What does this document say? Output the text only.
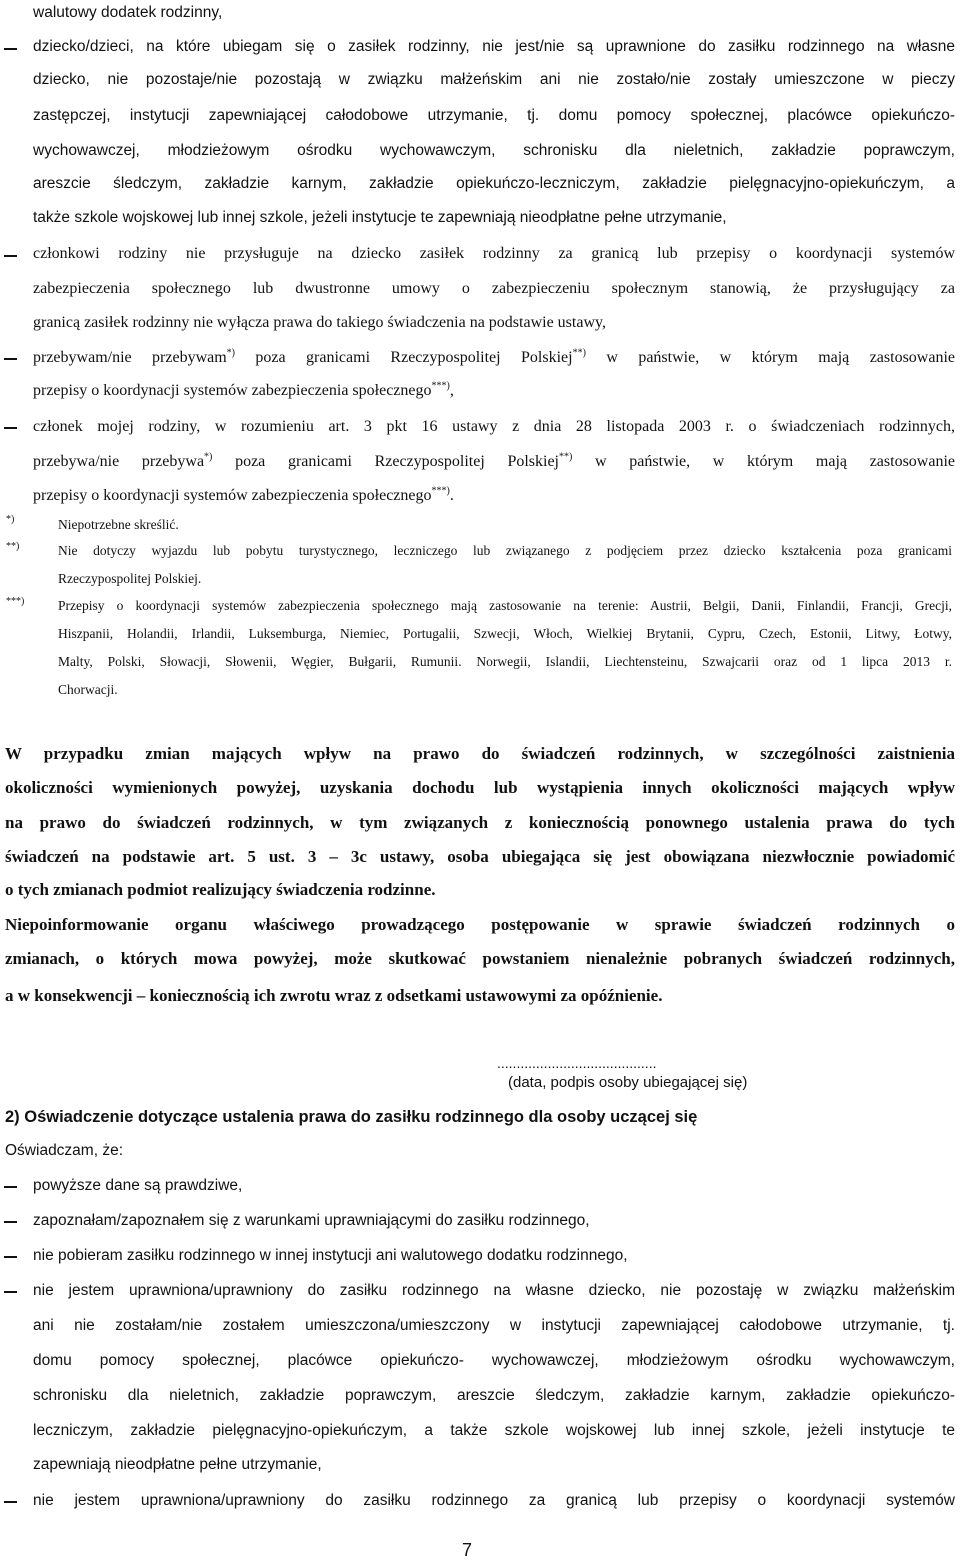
walutowy dodatek rodzinny,
dziecko/dzieci, na które ubiegam się o zasiłek rodzinny, nie jest/nie są uprawnione do zasiłku rodzinnego na własne
dziecko, nie pozostaje/nie pozostają w związku małżeńskim ani nie zostało/nie zostały umieszczone w pieczy
zastępczej, instytucji zapewniającej całodobowe utrzymanie, tj. domu pomocy społecznej, placówce opiekuńczo-
wychowawczej, młodzieżowym ośrodku wychowawczym, schronisku dla nieletnich, zakładzie poprawczym,
areszcie śledczym, zakładzie karnym, zakładzie opiekuńczo-leczniczym, zakładzie pielęgnacyjno-opiekuńczym, a
także szkole wojskowej lub innej szkole, jeżeli instytucje te zapewniają nieodpłatne pełne utrzymanie,
członkowi rodziny nie przysługuje na dziecko zasiłek rodzinny za granicą lub przepisy o koordynacji systemów
zabezpieczenia społecznego lub dwustronne umowy o zabezpieczeniu społecznym stanowią, że przysługujący za
granicą zasiłek rodzinny nie wyłącza prawa do takiego świadczenia na podstawie ustawy,
przebywam/nie przebywam*) poza granicami Rzeczypospolitej Polskiej**) w państwie, w którym mają zastosowanie
przepisy o koordynacji systemów zabezpieczenia społecznego***),
członek mojej rodziny, w rozumieniu art. 3 pkt 16 ustawy z dnia 28 listopada 2003 r. o świadczeniach rodzinnych,
przebywa/nie przebywa*) poza granicami Rzeczypospolitej Polskiej**) w państwie, w którym mają zastosowanie
przepisy o koordynacji systemów zabezpieczenia społecznego***).
*)	Niepotrzebne skreślić.
**)	Nie dotyczy wyjazdu lub pobytu turystycznego, leczniczego lub związanego z podjęciem przez dziecko kształcenia poza granicami
Rzeczypospolitej Polskiej.
***) Przepisy o koordynacji systemów zabezpieczenia społecznego mają zastosowanie na terenie: Austrii, Belgii, Danii, Finlandii, Francji, Grecji,
Hiszpanii, Holandii, Irlandii, Luksemburga, Niemiec, Portugalii, Szwecji, Włoch, Wielkiej Brytanii, Cypru, Czech, Estonii, Litwy, Łotwy,
Malty, Polski, Słowacji, Słowenii, Węgier, Bułgarii, Rumunii. Norwegii, Islandii, Liechtensteinu, Szwajcarii oraz od 1 lipca 2013 r.
Chorwacji.
W przypadku zmian mających wpływ na prawo do świadczeń rodzinnych, w szczególności zaistnienia
okoliczności wymienionych powyżej, uzyskania dochodu lub wystąpienia innych okoliczności mających wpływ
na prawo do świadczeń rodzinnych, w tym związanych z koniecznością ponownego ustalenia prawa do tych
świadczeń na podstawie art. 5 ust. 3 – 3c ustawy, osoba ubiegająca się jest obowiązana niezwłocznie powiadomić
o tych zmianach podmiot realizujący świadczenia rodzinne.
Niepoinformowanie organu właściwego prowadzącego postępowanie w sprawie świadczeń rodzinnych o
zmianach, o których mowa powyżej, może skutkować powstaniem nienależnie pobranych świadczeń rodzinnych,
a w konsekwencji – koniecznością ich zwrotu wraz z odsetkami ustawowymi za opóźnienie.
.........................................
(data, podpis osoby ubiegającej się)
2) Oświadczenie dotyczące ustalenia prawa do zasiłku rodzinnego dla osoby uczącej się
Oświadczam, że:
powyższe dane są prawdziwe,
zapoznałam/zapoznałem się z warunkami uprawniającymi do zasiłku rodzinnego,
nie pobieram zasiłku rodzinnego w innej instytucji ani walutowego dodatku rodzinnego,
nie jestem uprawniona/uprawniony do zasiłku rodzinnego na własne dziecko, nie pozostaję w związku małżeńskim
ani nie zostałam/nie zostałem umieszczona/umieszczony w instytucji zapewniającej całodobowe utrzymanie, tj.
domu pomocy społecznej, placówce opiekuńczo- wychowawczej, młodzieżowym ośrodku wychowawczym,
schronisku dla nieletnich, zakładzie poprawczym, areszcie śledczym, zakładzie karnym, zakładzie opiekuńczo-
leczniczym, zakładzie pielęgnacyjno-opiekuńczym, a także szkole wojskowej lub innej szkole, jeżeli instytucje te
zapewniają nieodpłatne pełne utrzymanie,
nie jestem uprawniona/uprawniony do zasiłku rodzinnego za granicą lub przepisy o koordynacji systemów
7
